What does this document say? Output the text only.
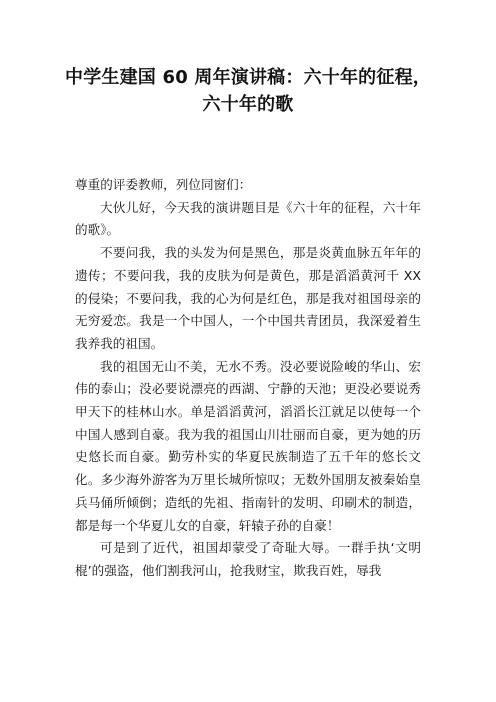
中学生建国 60 周年演讲稿：六十年的征程，
六十年的歌

尊重的评委教师，列位同窗们：

大伙儿好，今天我的演讲题目是《六十年的征程，六十年的歌》。

不要问我，我的头发为何是黑色，那是炎黄血脉五年年的遗传；不要问我，我的皮肤为何是黄色，那是滔滔黄河千 XX 的侵染；不要问我，我的心为何是红色，那是我对祖国母亲的无穷爱恋。我是一个中国人，一个中国共青团员，我深爱着生我养我的祖国。

我的祖国无山不美，无水不秀。没必要说险峻的华山、宏伟的泰山；没必要说漂亮的西湖、宁静的天池；更没必要说秀甲天下的桂林山水。单是滔滔黄河，滔滔长江就足以使每一个中国人感到自豪。我为我的祖国山川壮丽而自豪，更为她的历史悠长而自豪。勤劳朴实的华夏民族制造了五千年的悠长文化。多少海外游客为万里长城所惊叹；无数外国朋友被秦始皇兵马俑所倾倒；造纸的先祖、指南针的发明、印刷术的制造，都是每一个华夏儿女的自豪，轩辕子孙的自豪！

可是到了近代，祖国却蒙受了奇耻大辱。一群手执‘文明棍’的强盗，他们割我河山，抢我财宝，欺我百姓，辱我
